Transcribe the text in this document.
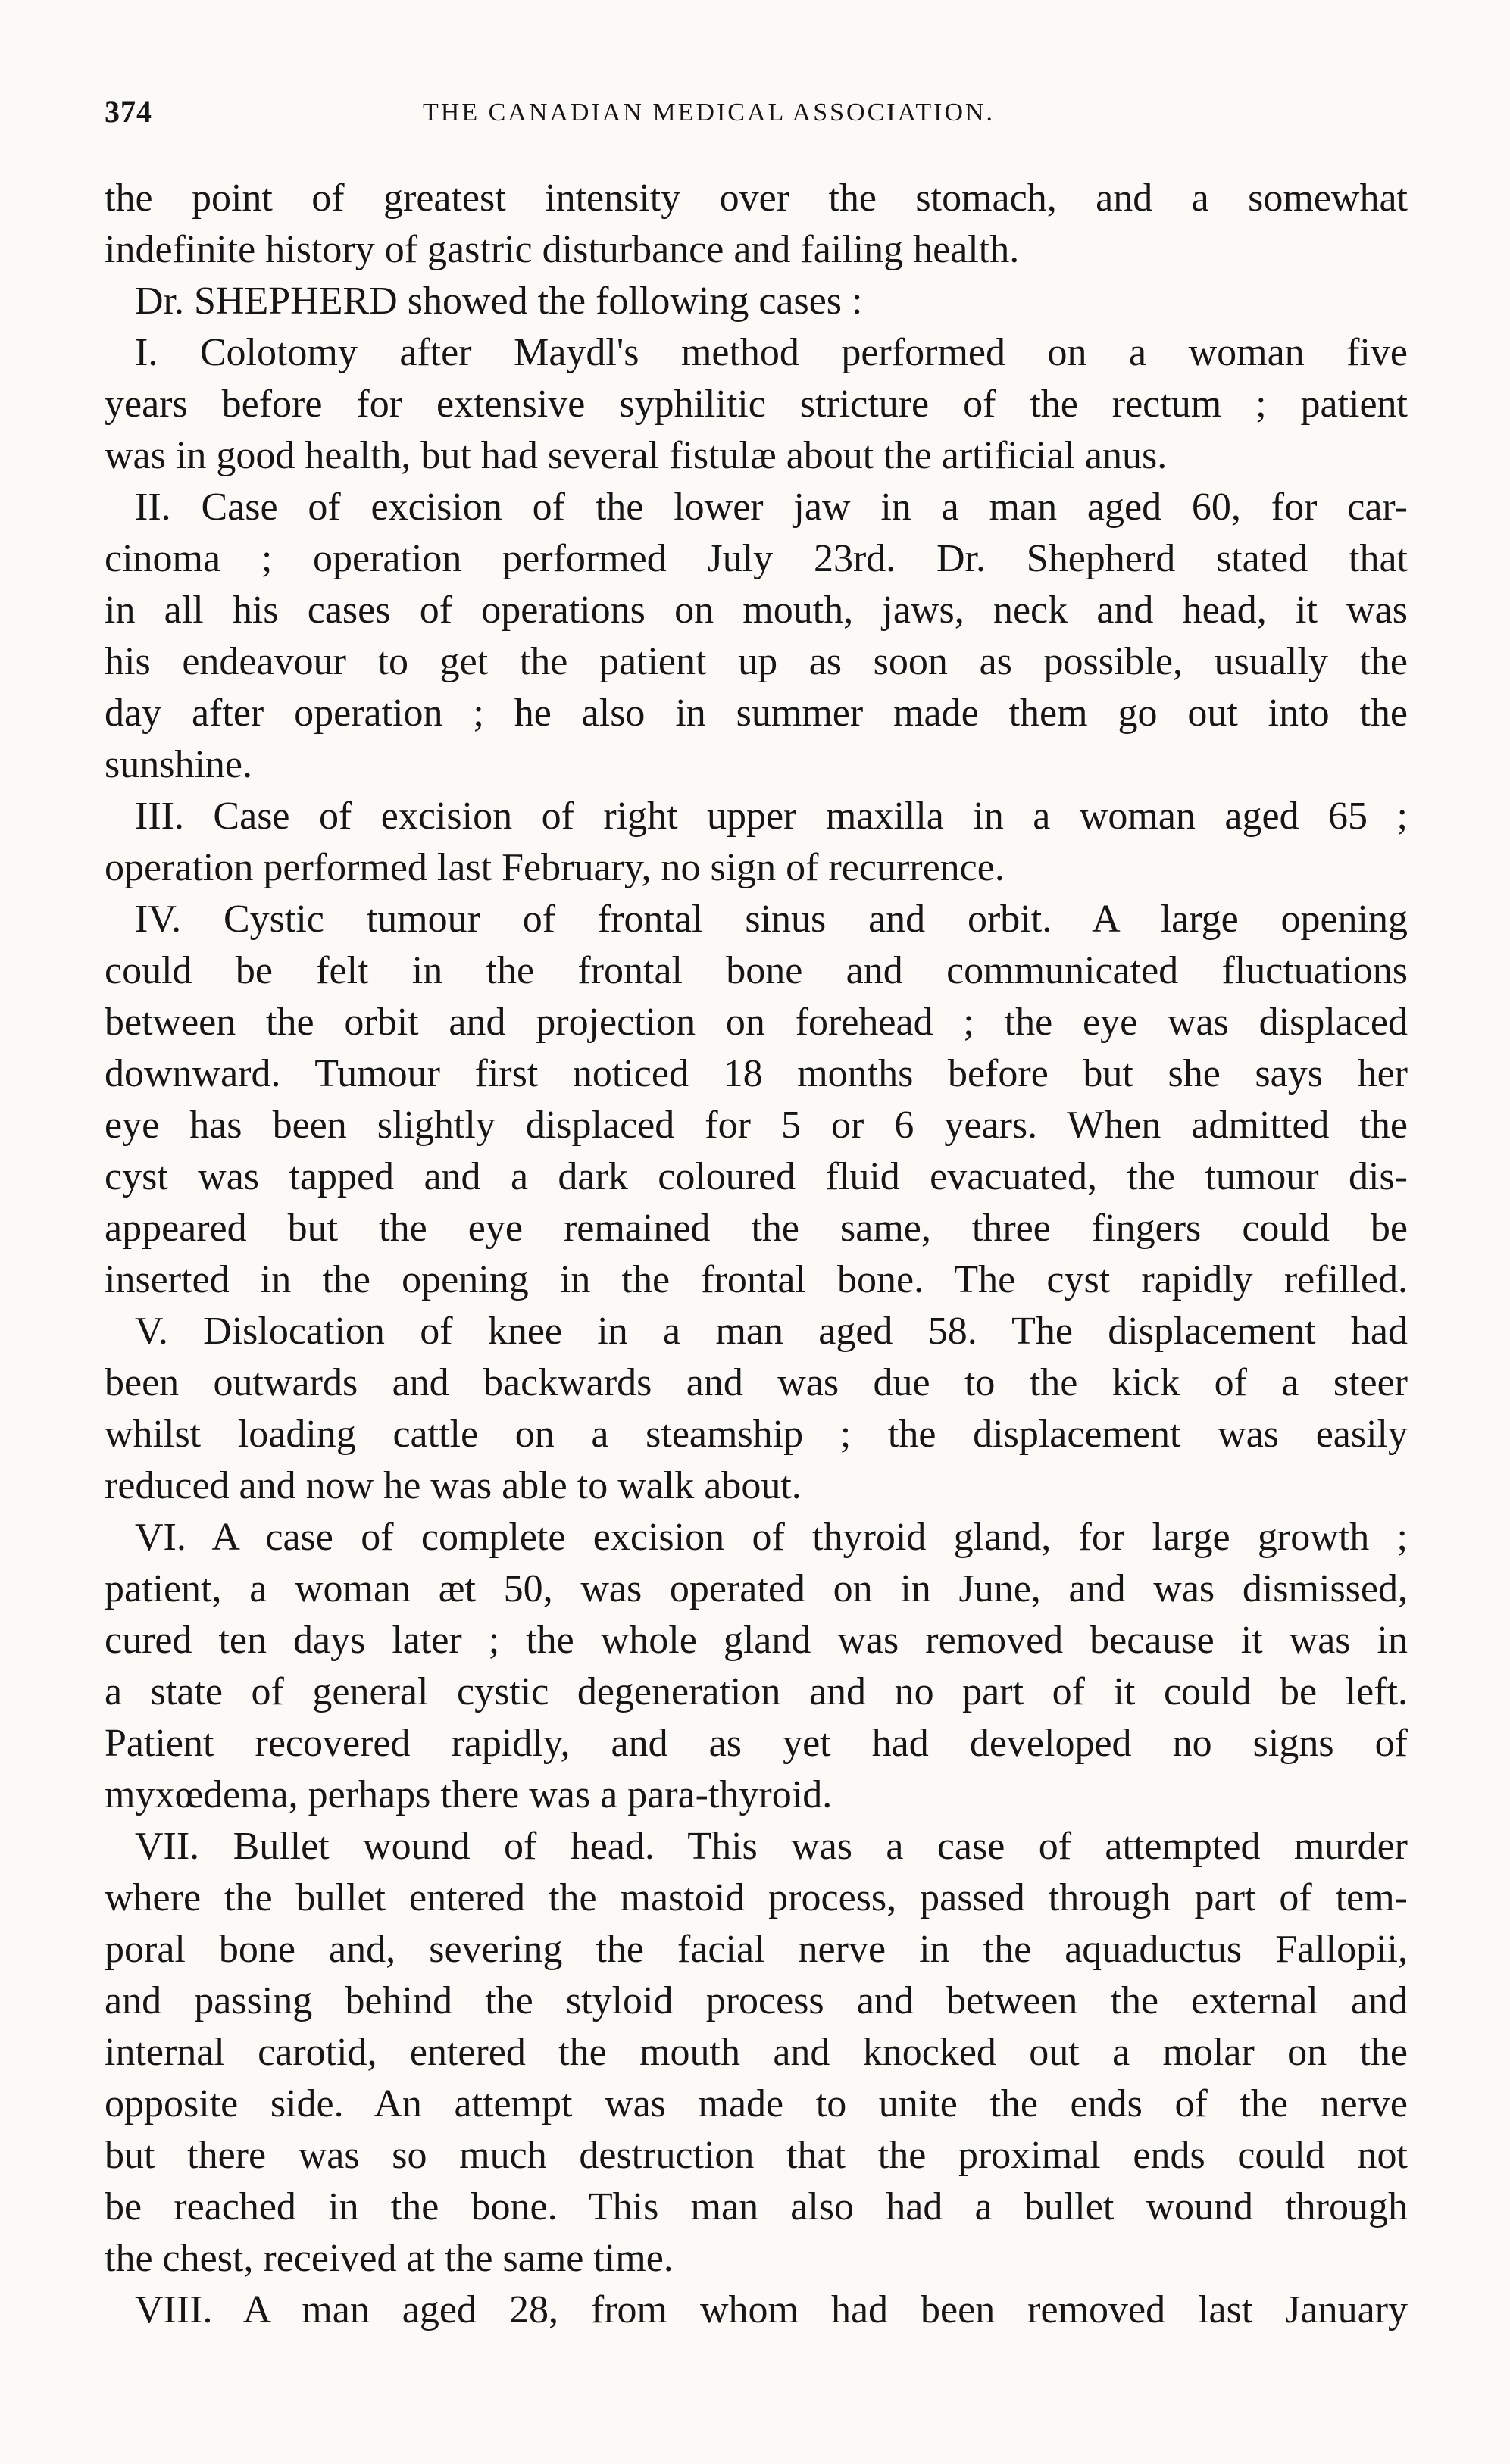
374	THE CANADIAN MEDICAL ASSOCIATION.
the point of greatest intensity over the stomach, and a somewhat
indefinite history of gastric disturbance and failing health.
Dr. SHEPHERD showed the following cases :
I. Colotomy after Maydl's method performed on a woman five
years before for extensive syphilitic stricture of the rectum ; patient
was in good health, but had several fistulæ about the artificial anus.
II. Case of excision of the lower jaw in a man aged 60, for car-
cinoma ; operation performed July 23rd. Dr. Shepherd stated that
in all his cases of operations on mouth, jaws, neck and head, it was
his endeavour to get the patient up as soon as possible, usually the
day after operation ; he also in summer made them go out into the
sunshine.
III. Case of excision of right upper maxilla in a woman aged 65 ;
operation performed last February, no sign of recurrence.
IV. Cystic tumour of frontal sinus and orbit. A large opening
could be felt in the frontal bone and communicated fluctuations
between the orbit and projection on forehead ; the eye was displaced
downward. Tumour first noticed 18 months before but she says her
eye has been slightly displaced for 5 or 6 years. When admitted the
cyst was tapped and a dark coloured fluid evacuated, the tumour dis-
appeared but the eye remained the same, three fingers could be
inserted in the opening in the frontal bone. The cyst rapidly refilled.
V. Dislocation of knee in a man aged 58. The displacement had
been outwards and backwards and was due to the kick of a steer
whilst loading cattle on a steamship ; the displacement was easily
reduced and now he was able to walk about.
VI. A case of complete excision of thyroid gland, for large growth ;
patient, a woman æt 50, was operated on in June, and was dismissed,
cured ten days later ; the whole gland was removed because it was in
a state of general cystic degeneration and no part of it could be left.
Patient recovered rapidly, and as yet had developed no signs of
myxœdema, perhaps there was a para-thyroid.
VII. Bullet wound of head. This was a case of attempted murder
where the bullet entered the mastoid process, passed through part of tem-
poral bone and, severing the facial nerve in the aquaductus Fallopii,
and passing behind the styloid process and between the external and
internal carotid, entered the mouth and knocked out a molar on the
opposite side. An attempt was made to unite the ends of the nerve
but there was so much destruction that the proximal ends could not
be reached in the bone. This man also had a bullet wound through
the chest, received at the same time.
VIII. A man aged 28, from whom had been removed last January
